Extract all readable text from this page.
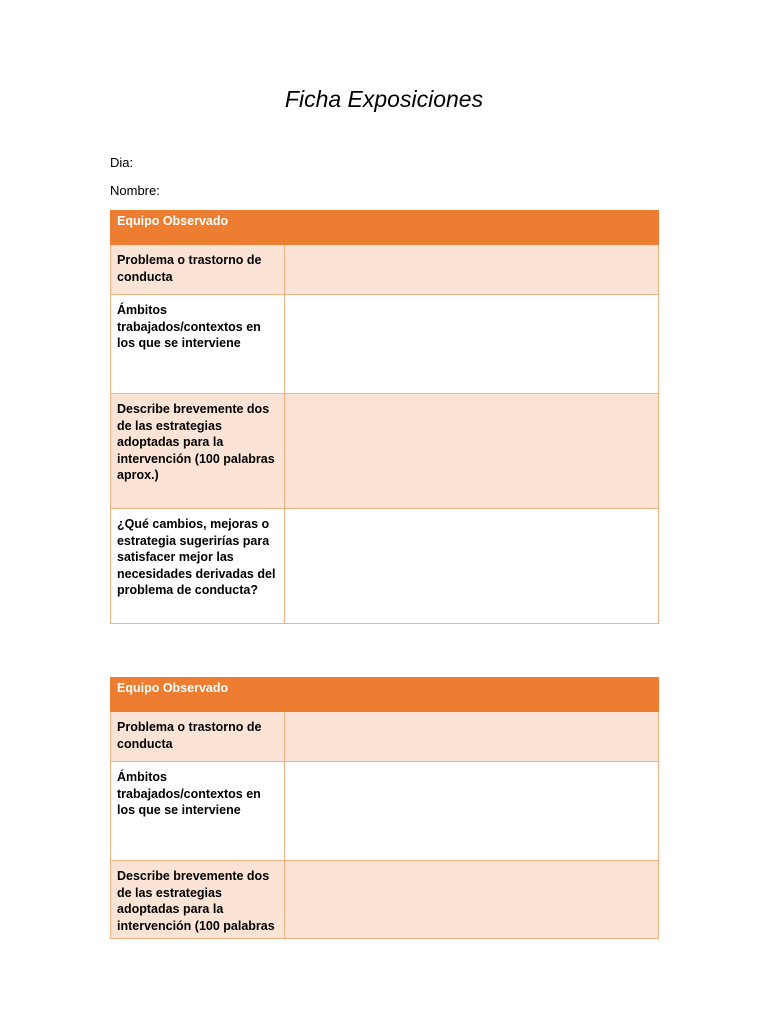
Ficha Exposiciones
Dia:
Nombre:
Equipo Observado	
Problema o trastorno de conducta	

Ámbitos trabajados/contextos en los que se interviene	

Describe brevemente dos de las estrategias adoptadas para la intervención (100 palabras aprox.)	

¿Qué cambios, mejoras o estrategia sugerirías para satisfacer mejor las necesidades derivadas del problema de conducta?	
Equipo Observado	
Problema o trastorno de conducta	

Ámbitos trabajados/contextos en los que se interviene	

Describe brevemente dos de las estrategias adoptadas para la intervención (100 palabras	
